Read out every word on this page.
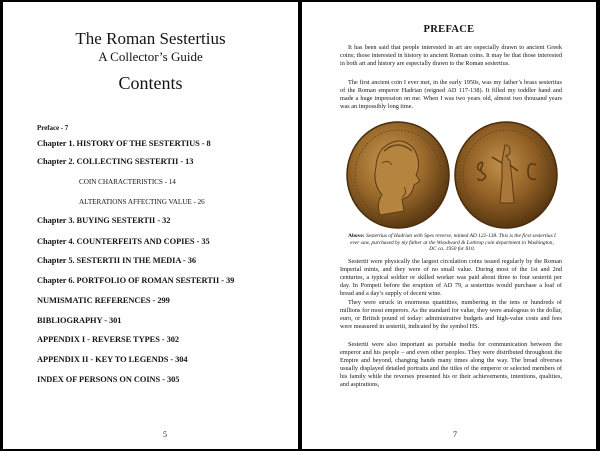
The Roman Sestertius
A Collector’s Guide
Contents
Preface - 7
Chapter 1. HISTORY OF THE SESTERTIUS - 8
Chapter 2. COLLECTING SESTERTII - 13
COIN CHARACTERISTICS - 14
ALTERATIONS AFFECTING VALUE - 26
Chapter 3. BUYING SESTERTII - 32
Chapter 4. COUNTERFEITS AND COPIES - 35
Chapter 5. SESTERTII IN THE MEDIA - 36
Chapter 6. PORTFOLIO OF ROMAN SESTERTII - 39
NUMISMATIC REFERENCES - 299
BIBLIOGRAPHY - 301
APPENDIX I - REVERSE TYPES - 302
APPENDIX II - KEY TO LEGENDS - 304
INDEX OF PERSONS ON COINS - 305
5
PREFACE

It has been said that people interested in art are especially drawn to ancient Greek coins; those interested in history to ancient Roman coins. It may be that those interested in both art and history are especially drawn to the Roman sestertius.

The first ancient coin I ever met, in the early 1950s, was my father’s brass sestertius of the Roman emperor Hadrian (reigned AD 117-138). It filled my toddler hand and made a huge impression on me. When I was two years old, almost two thousand years was an impossibly long time.

Above: Sestertius of Hadrian with Spes reverse, minted AD 122-138. This is the first sestertius I ever saw, purchased by my father at the Woodward & Lothrop coin department in Washington, DC ca. 1950 for $10.

Sestertii were physically the largest circulation coins issued regularly by the Roman Imperial mints, and they were of no small value. During most of the 1st and 2nd centuries, a typical soldier or skilled worker was paid about three to four sestertii per day. In Pompeii before the eruption of AD 79, a sestertius would purchase a loaf of bread and a day’s supply of decent wine.

They were struck in enormous quantities, numbering in the tens or hundreds of millions for most emperors. As the standard for value, they were analogous to the dollar, euro, or British pound of today: administrative budgets and high-value costs and fees were measured in sestertii, indicated by the symbol HS.

Sestertii were also important as portable media for communication between the emperor and his people – and even other peoples. They were distributed throughout the Empire and beyond, changing hands many times along the way. The broad obverses usually displayed detailed portraits and the titles of the emperor or selected members of his family while the reverses presented his or their achievements, intentions, qualities, and aspirations,

7
